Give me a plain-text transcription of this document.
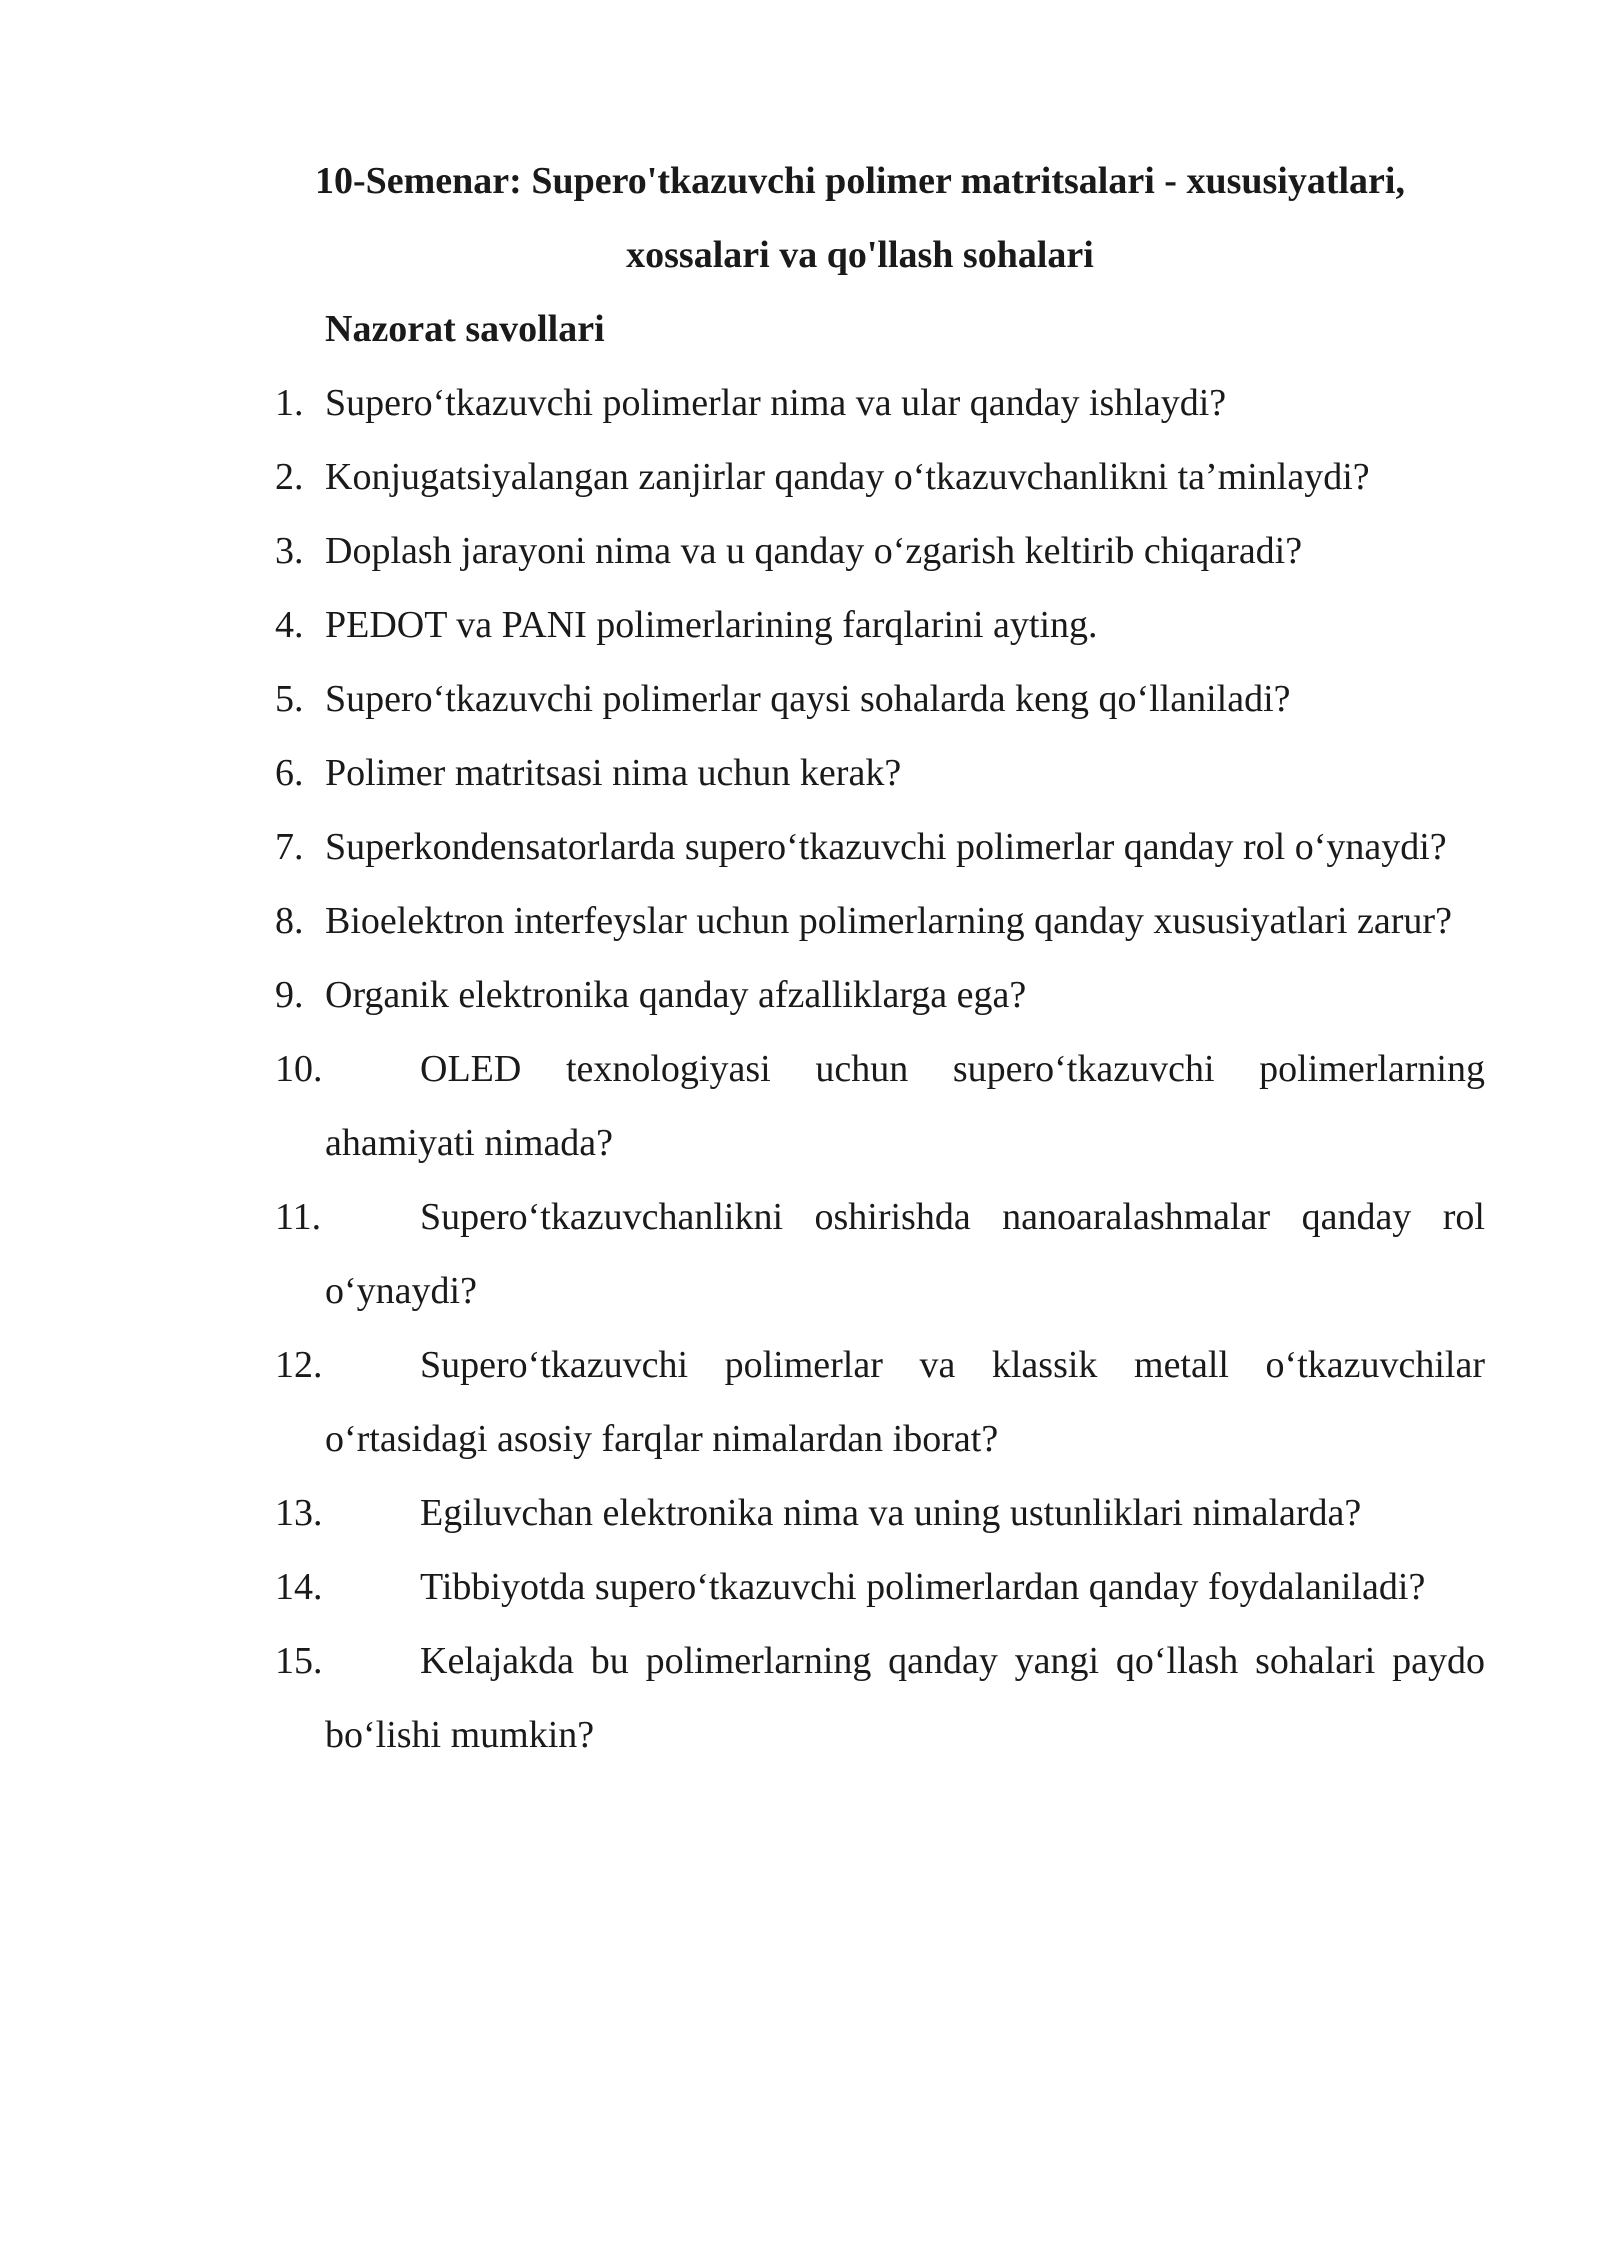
10-Semenar: Supero'tkazuvchi polimer matritsalari - xususiyatlari,
xossalari va qo'llash sohalari
Nazorat savollari
1. Supero‘tkazuvchi polimerlar nima va ular qanday ishlaydi?
2. Konjugatsiyalangan zanjirlar qanday o‘tkazuvchanlikni ta’minlaydi?
3. Doplash jarayoni nima va u qanday o‘zgarish keltirib chiqaradi?
4. PEDOT va PANI polimerlarining farqlarini ayting.
5. Supero‘tkazuvchi polimerlar qaysi sohalarda keng qo‘llaniladi?
6. Polimer matritsasi nima uchun kerak?
7. Superkondensatorlarda supero‘tkazuvchi polimerlar qanday rol o‘ynaydi?
8. Bioelektron interfeyslar uchun polimerlarning qanday xususiyatlari zarur?
9. Organik elektronika qanday afzalliklarga ega?
10.	OLED texnologiyasi uchun supero‘tkazuvchi polimerlarning ahamiyati nimada?
11.	Supero‘tkazuvchanlikni oshirishda nanoaralashmalar qanday rol o‘ynaydi?
12.	Supero‘tkazuvchi polimerlar va klassik metall o‘tkazuvchilar o‘rtasidagi asosiy farqlar nimalardan iborat?
13.	Egiluvchan elektronika nima va uning ustunliklari nimalarda?
14.	Tibbiyotda supero‘tkazuvchi polimerlardan qanday foydalaniladi?
15.	Kelajakda bu polimerlarning qanday yangi qo‘llash sohalari paydo bo‘lishi mumkin?
